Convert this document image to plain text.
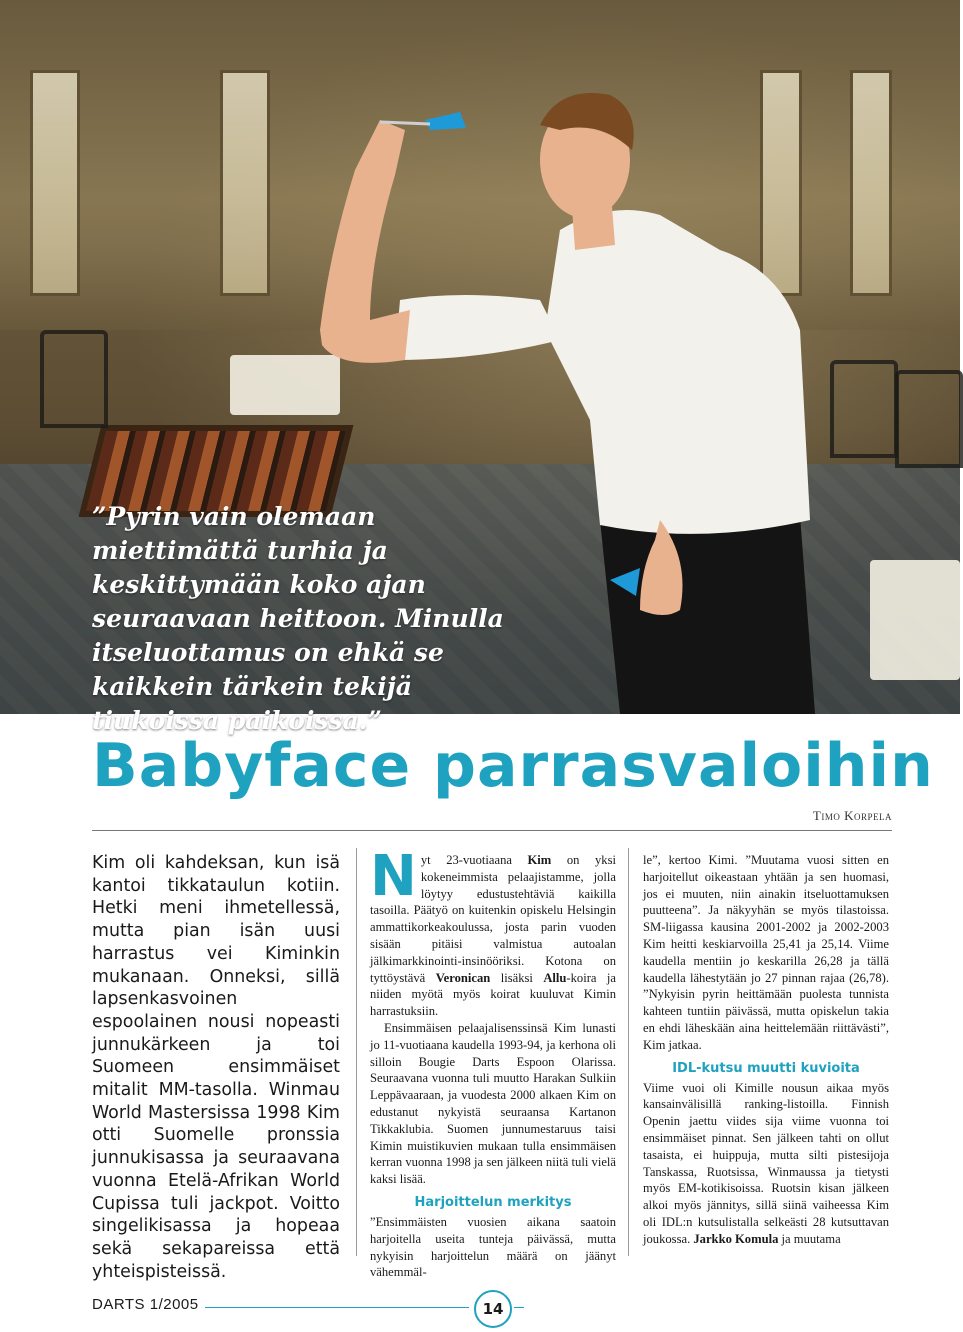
”Pyrin vain olemaan miettimättä turhia ja keskittymään koko ajan seuraavaan heittoon. Minulla itseluottamus on ehkä se kaikkein tärkein tekijä tiukoissa paikoissa.”
Babyface parrasvaloihin
Timo Korpela
Kim oli kahdeksan, kun isä kantoi tikkataulun kotiin. Hetki meni ihmetellessä, mutta pian isän uusi harrastus vei Kiminkin mukanaan. Onneksi, sillä lapsenkasvoinen espoolainen nousi nopeasti junnukärkeen ja toi Suomeen ensimmäiset mitalit MM-tasolla. Winmau World Mastersissa 1998 Kim otti Suomelle pronssia junnukisassa ja seuraavana vuonna Etelä-Afrikan World Cupissa tuli jackpot. Voitto singelikisassa ja hopeaa sekä sekapareissa että yhteispisteissä.

Nyt 23-vuotiaana Kim on yksi kokeneimmista pelaajistamme, jolla löytyy edustustehtäviä kaikilla tasoilla. Päätyö on kuitenkin opiskelu Helsingin ammattikorkeakoulussa, josta parin vuoden sisään pitäisi valmistua autoalan jälkimarkkinointi-insinööriksi. Kotona on tyttöystävä Veronican lisäksi Allu-koira ja niiden myötä myös koirat kuuluvat Kimin harrastuksiin.

Ensimmäisen pelaajalisenssinsä Kim lunasti jo 11-vuotiaana kaudella 1993-94, ja kerhona oli silloin Bougie Darts Espoon Olarissa. Seuraavana vuonna tuli muutto Harakan Sulkiin Leppävaaraan, ja vuodesta 2000 alkaen Kim on edustanut nykyistä seuraansa Kartanon Tikkaklubia. Suomen junnumestaruus taisi Kimin muistikuvien mukaan tulla ensimmäisen kerran vuonna 1998 ja sen jälkeen niitä tuli vielä kaksi lisää.

Harjoittelun merkitys

”Ensimmäisten vuosien aikana saatoin harjoitella useita tunteja päivässä, mutta nykyisin harjoittelun määrä on jäänyt vähemmäl-

le”, kertoo Kimi. ”Muutama vuosi sitten en harjoitellut oikeastaan yhtään ja sen huomasi, jos ei muuten, niin ainakin itseluottamuksen puutteena”. Ja näkyyhän se myös tilastoissa. SM-liigassa kausina 2001-2002 ja 2002-2003 Kim heitti keskiarvoilla 25,41 ja 25,14. Viime kaudella mentiin jo keskarilla 26,28 ja tällä kaudella lähestytään jo 27 pinnan rajaa (26,78). ”Nykyisin pyrin heittämään puolesta tunnista kahteen tuntiin päivässä, mutta opiskelun takia en ehdi läheskään aina heittelemään riittävästi”, Kim jatkaa.

IDL-kutsu muutti kuvioita

Viime vuoi oli Kimille nousun aikaa myös kansainvälisillä ranking-listoilla. Finnish Openin jaettu viides sija viime vuonna toi ensimmäiset pinnat. Sen jälkeen tahti on ollut tasaista, ei huippuja, mutta silti pistesijoja Tanskassa, Ruotsissa, Winmaussa ja tietysti myös EM-kotikisoissa. Ruotsin kisan jälkeen alkoi myös jännitys, sillä siinä vaiheessa Kim oli IDL:n kutsulistalla selkeästi 28 kutsuttavan joukossa. Jarkko Komula ja muutama

DARTS 1/2005	14
